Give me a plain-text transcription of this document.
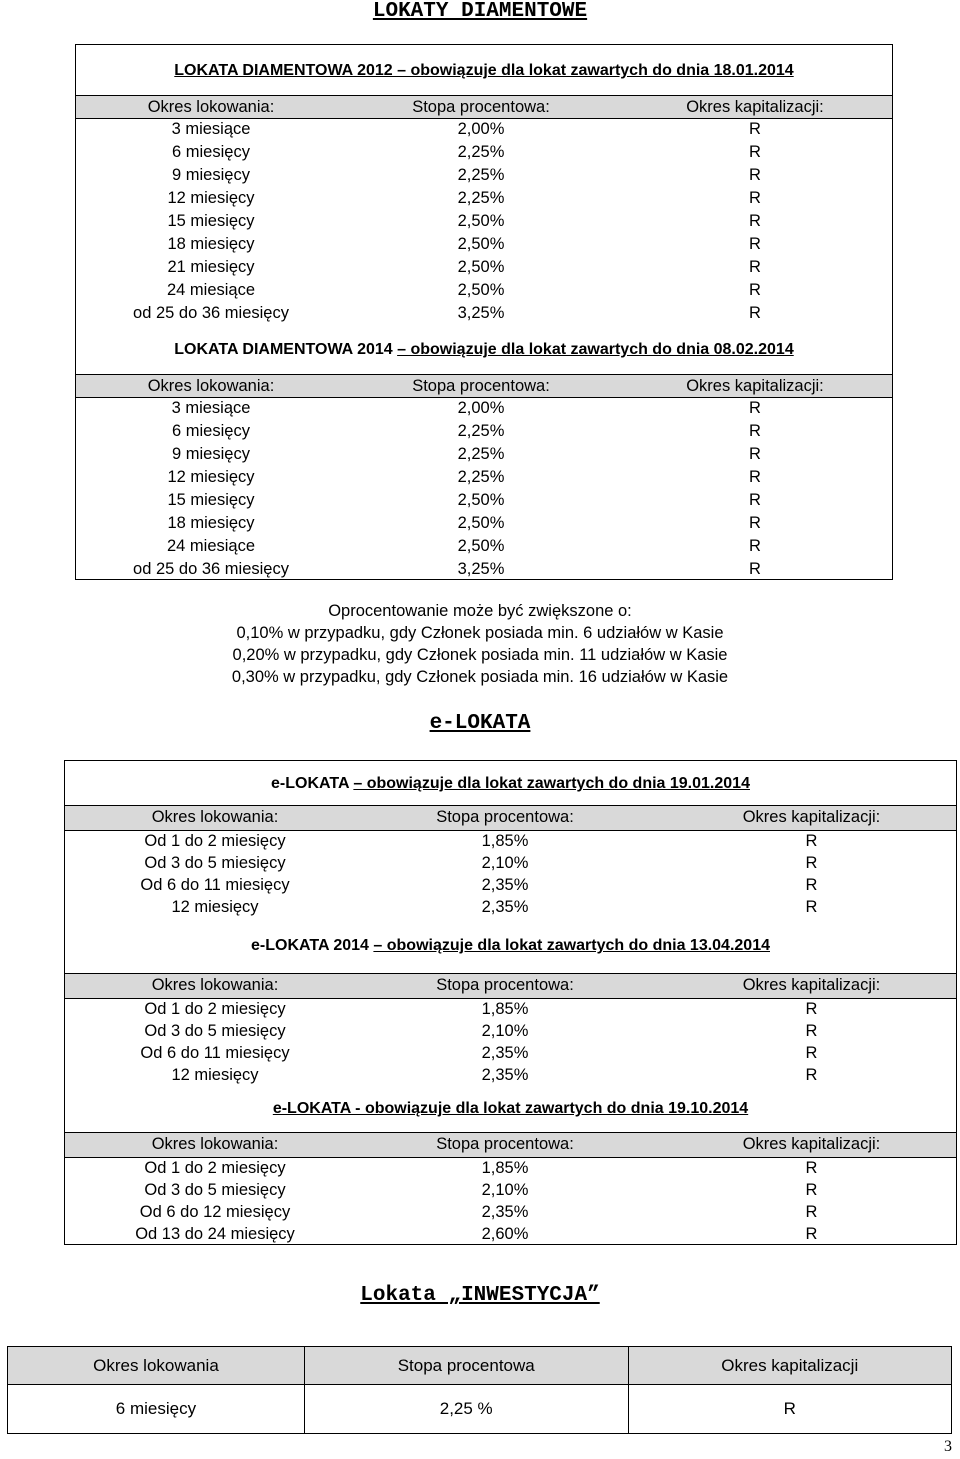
LOKATY DIAMENTOWE
LOKATA DIAMENTOWA 2012 – obowiązuje dla lokat zawartych do dnia 18.01.2014
Okres lokowania:	Stopa procentowa:	Okres kapitalizacji:
3 miesiące	2,00%	R
6 miesięcy	2,25%	R
9 miesięcy	2,25%	R
12 miesięcy	2,25%	R
15 miesięcy	2,50%	R
18 miesięcy	2,50%	R
21 miesięcy	2,50%	R
24 miesiące	2,50%	R
od 25 do 36 miesięcy	3,25%	R
LOKATA DIAMENTOWA 2014 – obowiązuje dla lokat zawartych do dnia 08.02.2014
Okres lokowania:	Stopa procentowa:	Okres kapitalizacji:
3 miesiące	2,00%	R
6 miesięcy	2,25%	R
9 miesięcy	2,25%	R
12 miesięcy	2,25%	R
15 miesięcy	2,50%	R
18 miesięcy	2,50%	R
24 miesiące	2,50%	R
od 25 do 36 miesięcy	3,25%	R
Oprocentowanie może być zwiększone o:
0,10% w przypadku, gdy Członek posiada min. 6 udziałów w Kasie
0,20% w przypadku, gdy Członek posiada min. 11 udziałów w Kasie
0,30% w przypadku, gdy Członek posiada min. 16 udziałów w Kasie
e-LOKATA
e-LOKATA – obowiązuje dla lokat zawartych do dnia 19.01.2014
Okres lokowania:	Stopa procentowa:	Okres kapitalizacji:
Od 1 do 2 miesięcy	1,85%	R
Od 3 do 5 miesięcy	2,10%	R
Od 6 do 11 miesięcy	2,35%	R
12 miesięcy	2,35%	R
e-LOKATA 2014 – obowiązuje dla lokat zawartych do dnia 13.04.2014
Okres lokowania:	Stopa procentowa:	Okres kapitalizacji:
Od 1 do 2 miesięcy	1,85%	R
Od 3 do 5 miesięcy	2,10%	R
Od 6 do 11 miesięcy	2,35%	R
12 miesięcy	2,35%	R
e-LOKATA - obowiązuje dla lokat zawartych do dnia 19.10.2014
Okres lokowania:	Stopa procentowa:	Okres kapitalizacji:
Od 1 do 2 miesięcy	1,85%	R
Od 3 do 5 miesięcy	2,10%	R
Od 6 do 12 miesięcy	2,35%	R
Od 13 do 24 miesięcy	2,60%	R
Lokata „INWESTYCJA”
Okres lokowania	Stopa procentowa	Okres kapitalizacji
6 miesięcy	2,25 %	R
3
